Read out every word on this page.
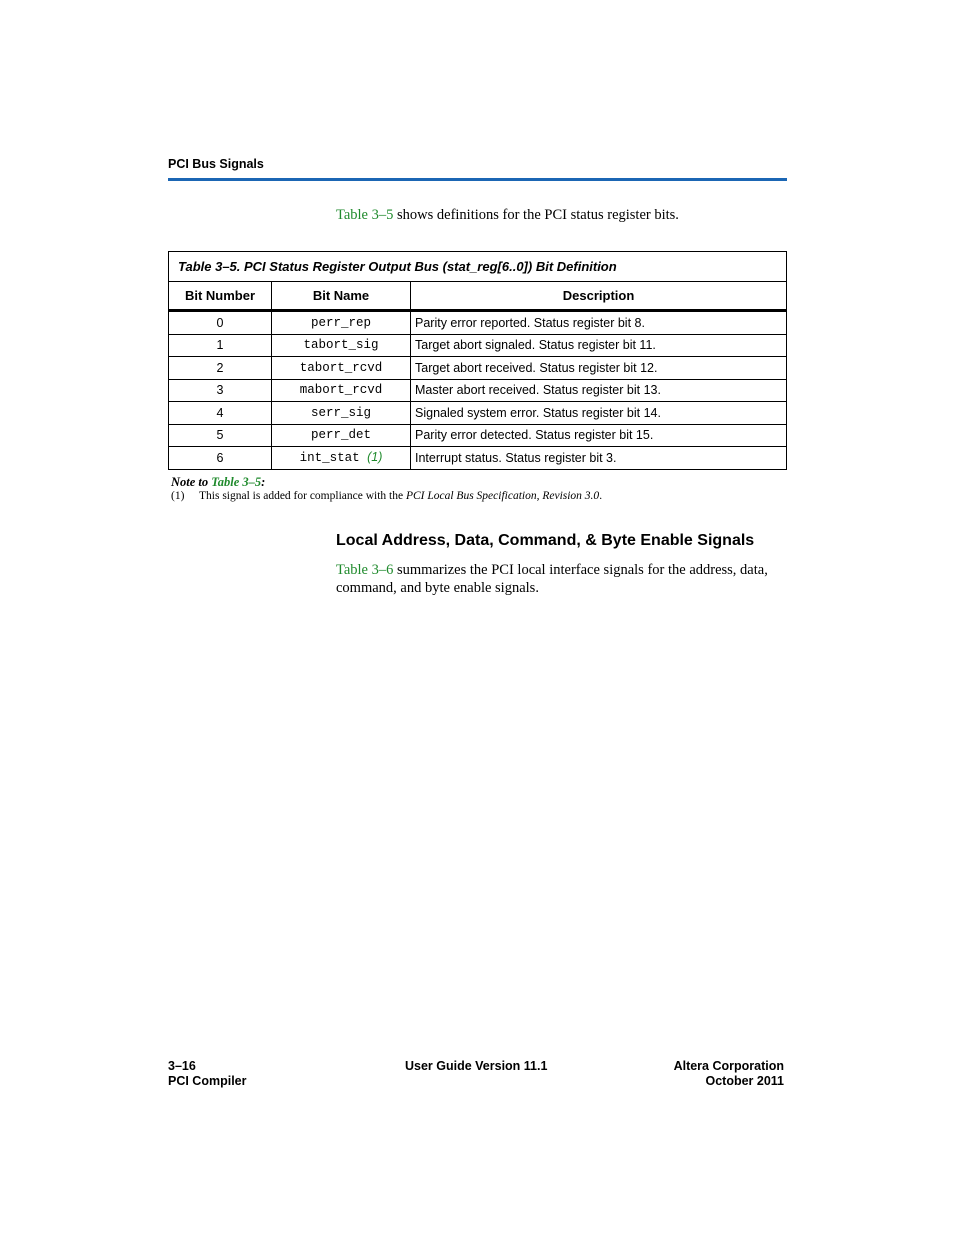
PCI Bus Signals
Table 3–5 shows definitions for the PCI status register bits.
Table 3–5. PCI Status Register Output Bus (stat_reg[6..0]) Bit Definition		
Bit Number	Bit Name	Description
0	perr_rep	Parity error reported. Status register bit 8.
1	tabort_sig	Target abort signaled. Status register bit 11.
2	tabort_rcvd	Target abort received. Status register bit 12.
3	mabort_rcvd	Master abort received. Status register bit 13.
4	serr_sig	Signaled system error. Status register bit 14.
5	perr_det	Parity error detected. Status register bit 15.
6	int_stat (1)	Interrupt status. Status register bit 3.
Note to Table 3–5:
(1) This signal is added for compliance with the PCI Local Bus Specification, Revision 3.0.
Local Address, Data, Command, & Byte Enable Signals
Table 3–6 summarizes the PCI local interface signals for the address, data, command, and byte enable signals.
3–16
PCI Compiler
User Guide Version 11.1	Altera Corporation
October 2011
